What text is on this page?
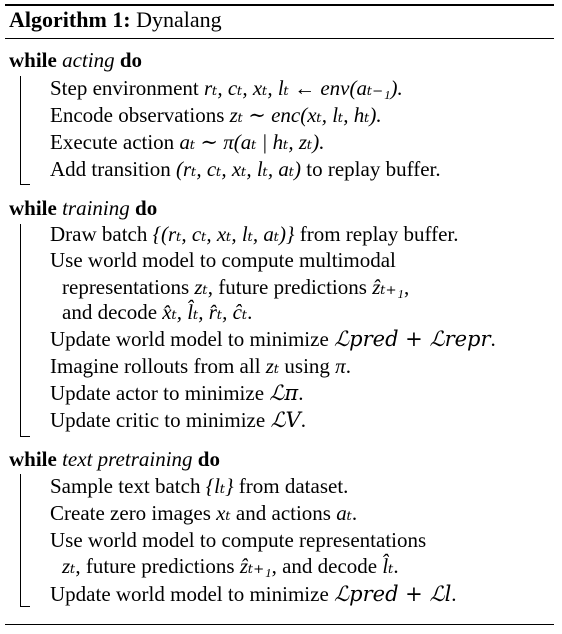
Algorithm 1: Dynalang
while acting do
Step environment rₜ, cₜ, xₜ, lₜ ← env(aₜ₋₁).
Encode observations zₜ ∼ enc(xₜ, lₜ, hₜ).
Execute action aₜ ∼ π(aₜ | hₜ, zₜ).
Add transition (rₜ, cₜ, xₜ, lₜ, aₜ) to replay buffer.
while training do
Draw batch {(rₜ, cₜ, xₜ, lₜ, aₜ)} from replay buffer.
Use world model to compute multimodal
representations zₜ, future predictions ẑₜ₊₁,
and decode x̂ₜ, l̂ₜ, r̂ₜ, ĉₜ.
Update world model to minimize ℒpred + ℒrepr.
Imagine rollouts from all zₜ using π.
Update actor to minimize ℒπ.
Update critic to minimize ℒV.
while text pretraining do
Sample text batch {lₜ} from dataset.
Create zero images xₜ and actions aₜ.
Use world model to compute representations
zₜ, future predictions ẑₜ₊₁, and decode l̂ₜ.
Update world model to minimize ℒpred + ℒl.
